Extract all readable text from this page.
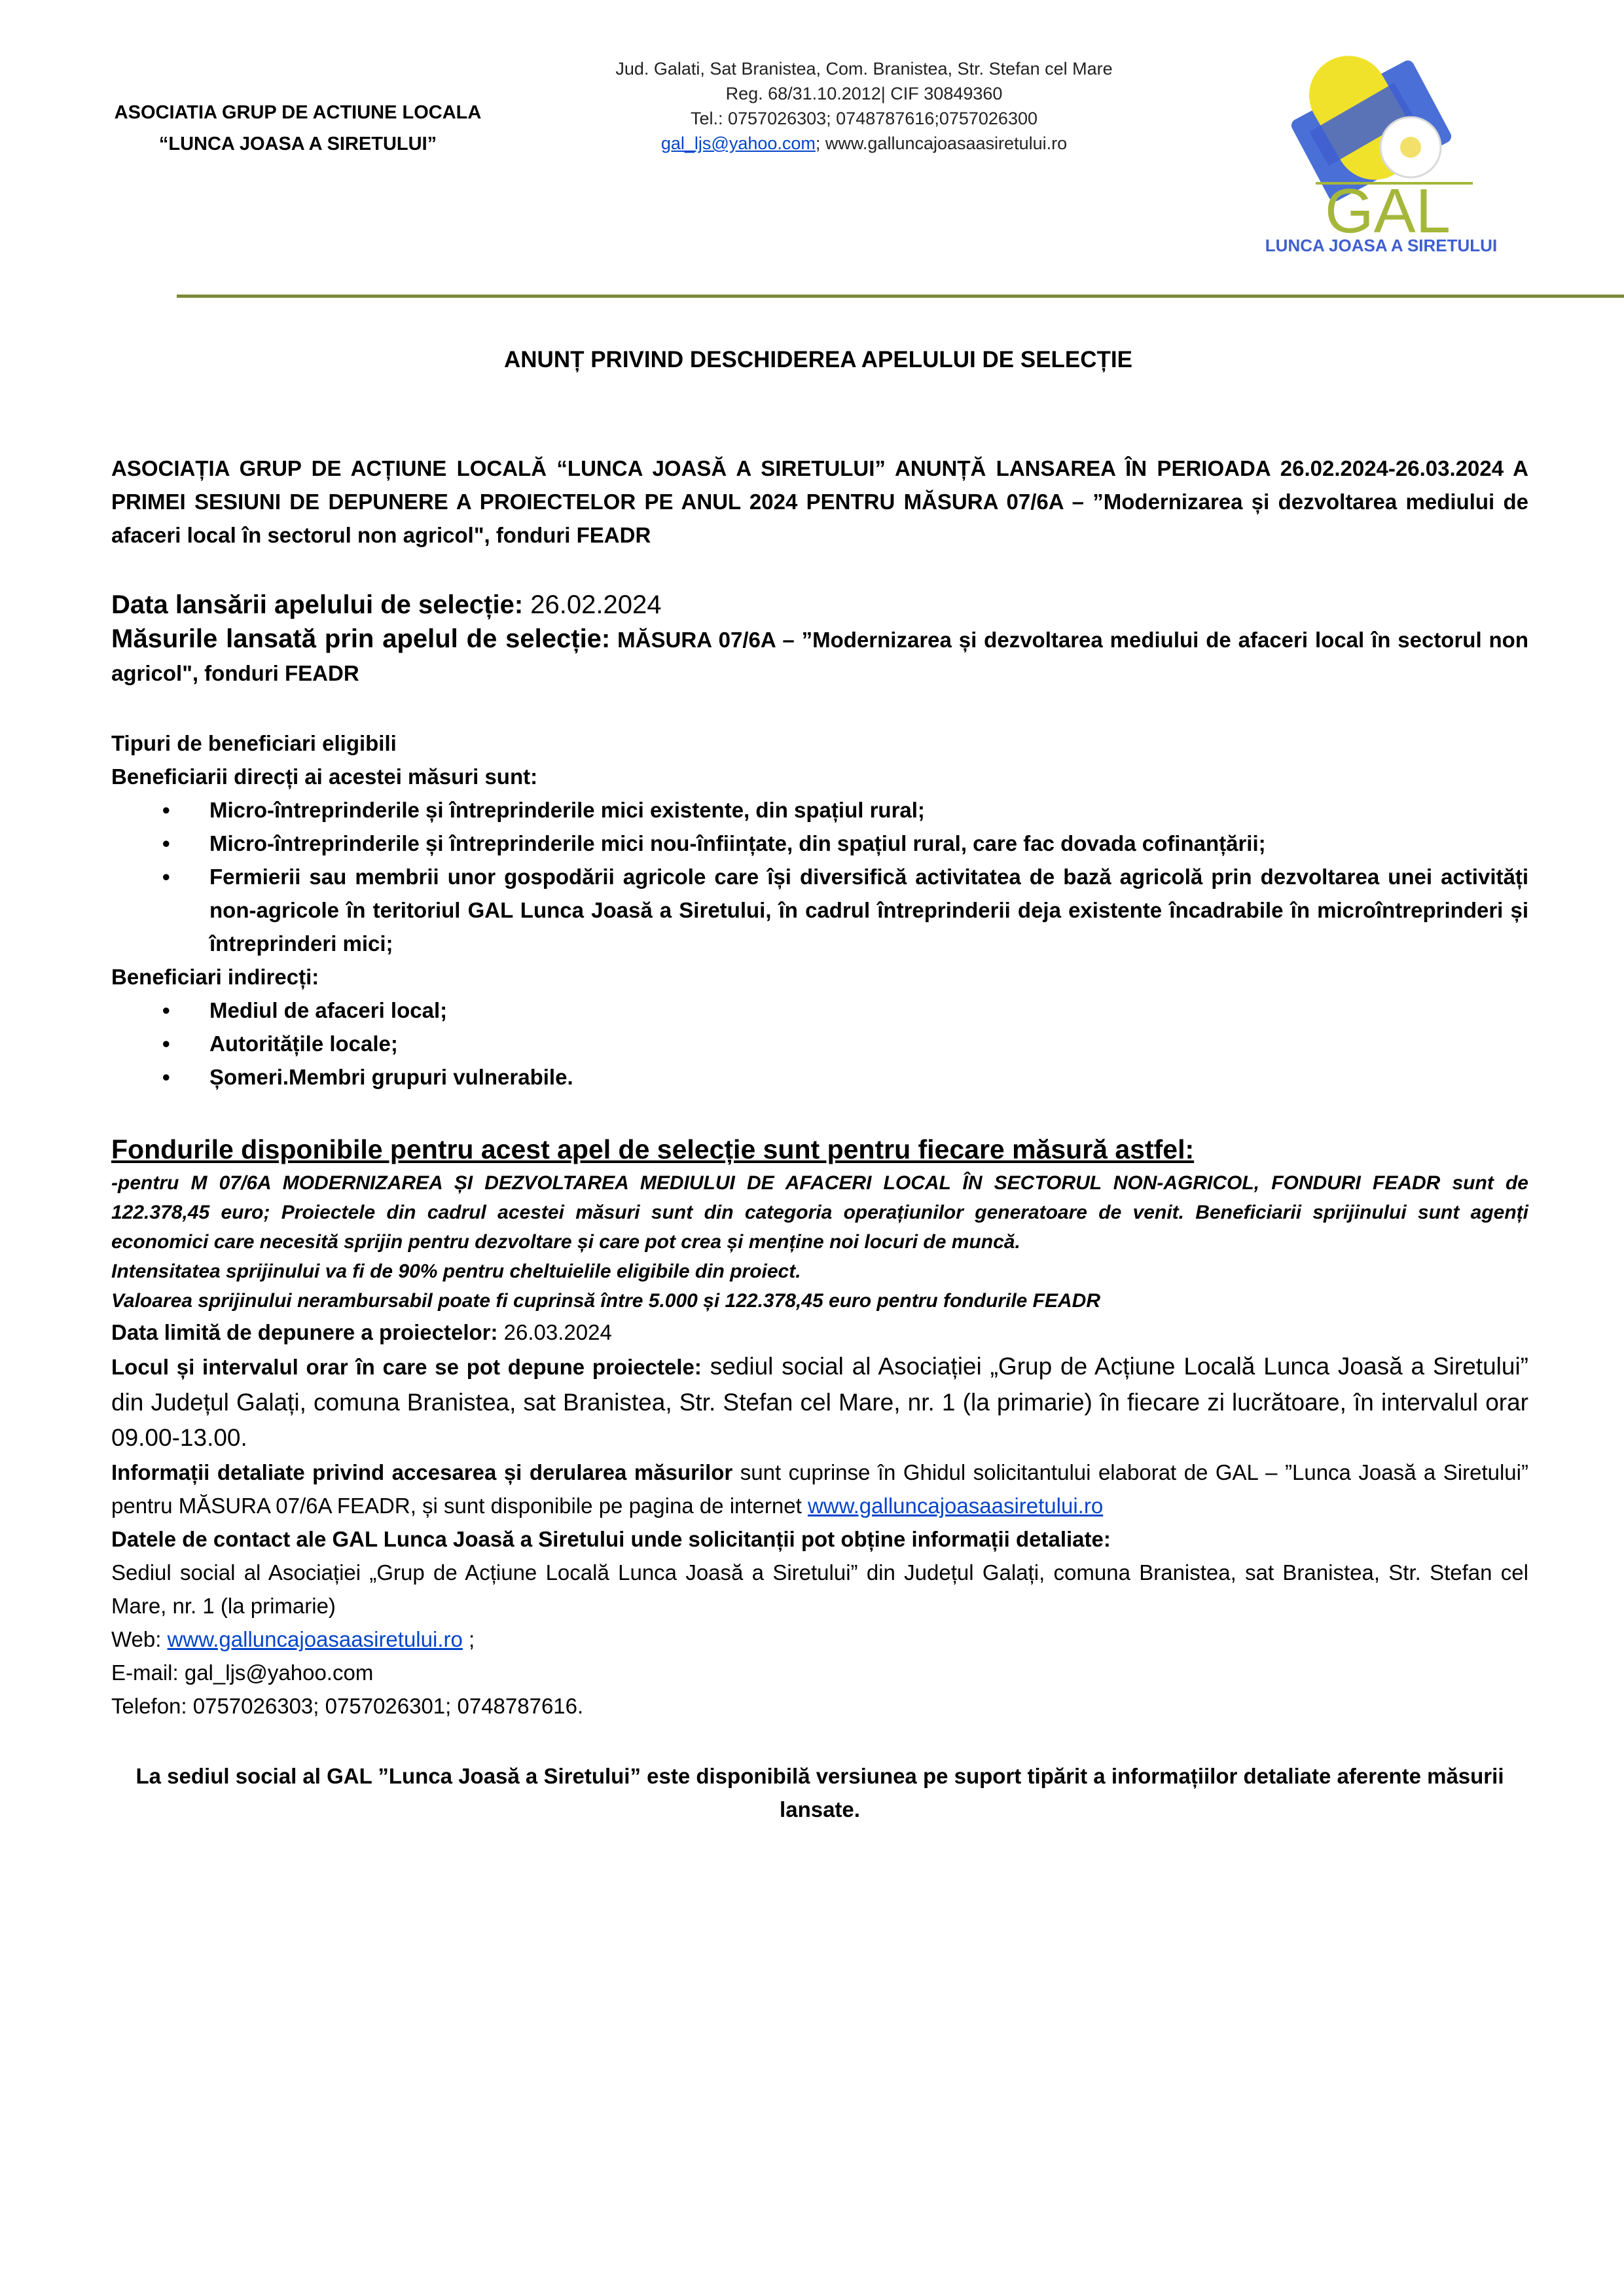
ASOCIATIA GRUP DE ACTIUNE LOCALA
“LUNCA JOASA A SIRETULUI”
Jud. Galati, Sat Branistea, Com. Branistea, Str. Stefan cel Mare
Reg. 68/31.10.2012| CIF 30849360
Tel.: 0757026303; 0748787616;0757026300
gal_ljs@yahoo.com; www.galluncajoasaasiretului.ro
GAL
LUNCA JOASA A SIRETULUI
ANUNȚ PRIVIND DESCHIDEREA APELULUI DE SELECȚIE

ASOCIAȚIA GRUP DE ACȚIUNE LOCALĂ “LUNCA JOASĂ A SIRETULUI” ANUNȚĂ LANSAREA ÎN PERIOADA 26.02.2024-26.03.2024 A PRIMEI SESIUNI DE DEPUNERE A PROIECTELOR PE ANUL 2024 PENTRU MĂSURA 07/6A – ”Modernizarea și dezvoltarea mediului de afaceri local în sectorul non agricol", fonduri FEADR

Data lansării apelului de selecție: 26.02.2024

Măsurile lansată prin apelul de selecție: MĂSURA 07/6A – ”Modernizarea și dezvoltarea mediului de afaceri local în sectorul non agricol", fonduri FEADR

Tipuri de beneficiari eligibili

Beneficiarii direcți ai acestei măsuri sunt:

• Micro-întreprinderile și întreprinderile mici existente, din spațiul rural;
• Micro-întreprinderile și întreprinderile mici nou-înființate, din spațiul rural, care fac dovada cofinanțării;
• Fermierii sau membrii unor gospodării agricole care își diversifică activitatea de bază agricolă prin dezvoltarea unei activități non-agricole în teritoriul GAL Lunca Joasă a Siretului, în cadrul întreprinderii deja existente încadrabile în microîntreprinderi și întreprinderi mici;

Beneficiari indirecți:

• Mediul de afaceri local;
• Autoritățile locale;
• Șomeri.Membri grupuri vulnerabile.

Fondurile disponibile pentru acest apel de selecție sunt pentru fiecare măsură astfel:

-pentru M 07/6A MODERNIZAREA ȘI DEZVOLTAREA MEDIULUI DE AFACERI LOCAL ÎN SECTORUL NON-AGRICOL, FONDURI FEADR sunt de 122.378,45 euro; Proiectele din cadrul acestei măsuri sunt din categoria operațiunilor generatoare de venit. Beneficiarii sprijinului sunt agenți economici care necesită sprijin pentru dezvoltare și care pot crea și menține noi locuri de muncă.

Intensitatea sprijinului va fi de 90% pentru cheltuielile eligibile din proiect.

Valoarea sprijinului nerambursabil poate fi cuprinsă între 5.000 și 122.378,45 euro pentru fondurile FEADR

Data limită de depunere a proiectelor: 26.03.2024

Locul și intervalul orar în care se pot depune proiectele: sediul social al Asociației „Grup de Acțiune Locală Lunca Joasă a Siretului” din Județul Galați, comuna Branistea, sat Branistea, Str. Stefan cel Mare, nr. 1 (la primarie) în fiecare zi lucrătoare, în intervalul orar 09.00-13.00.

Informații detaliate privind accesarea și derularea măsurilor sunt cuprinse în Ghidul solicitantului elaborat de GAL – ”Lunca Joasă a Siretului” pentru MĂSURA 07/6A FEADR, și sunt disponibile pe pagina de internet www.galluncajoasaasiretului.ro

Datele de contact ale GAL Lunca Joasă a Siretului unde solicitanții pot obține informații detaliate:

Sediul social al Asociației „Grup de Acțiune Locală Lunca Joasă a Siretului” din Județul Galați, comuna Branistea, sat Branistea, Str. Stefan cel Mare, nr. 1 (la primarie)

Web: www.galluncajoasaasiretului.ro ;

E-mail: gal_ljs@yahoo.com

Telefon: 0757026303; 0757026301; 0748787616.

La sediul social al GAL ”Lunca Joasă a Siretului” este disponibilă versiunea pe suport tipărit a informațiilor detaliate aferente măsurii lansate.
